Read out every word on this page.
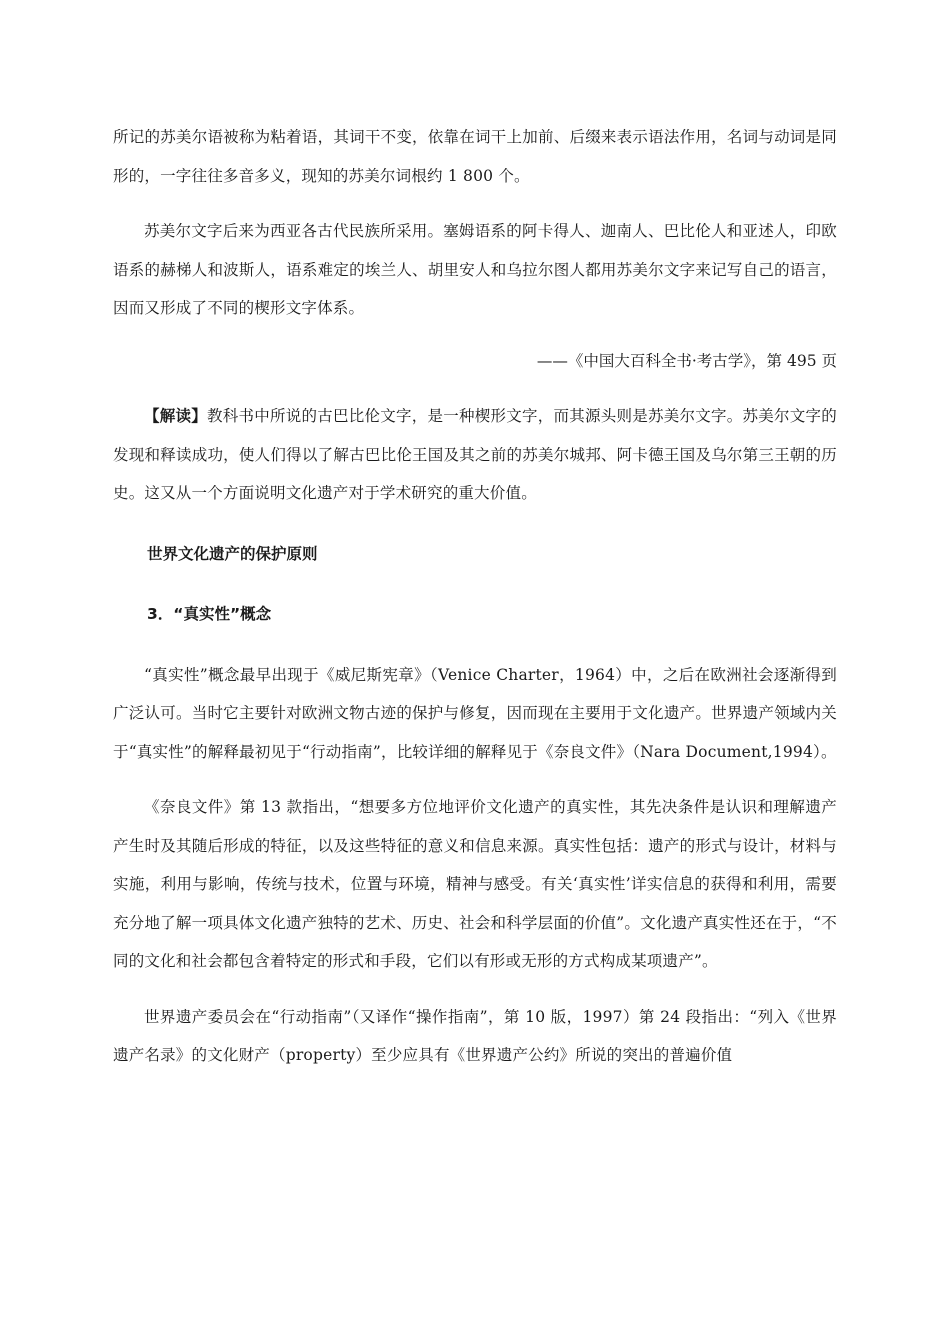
所记的苏美尔语被称为粘着语，其词干不变，依靠在词干上加前、后缀来表示语法作用，名词与动词是同形的，一字往往多音多义，现知的苏美尔词根约 1 800 个。

苏美尔文字后来为西亚各古代民族所采用。塞姆语系的阿卡得人、迦南人、巴比伦人和亚述人，印欧语系的赫梯人和波斯人，语系难定的埃兰人、胡里安人和乌拉尔图人都用苏美尔文字来记写自己的语言，因而又形成了不同的楔形文字体系。

——《中国大百科全书·考古学》，第 495 页

【解读】教科书中所说的古巴比伦文字，是一种楔形文字，而其源头则是苏美尔文字。苏美尔文字的发现和释读成功，使人们得以了解古巴比伦王国及其之前的苏美尔城邦、阿卡德王国及乌尔第三王朝的历史。这又从一个方面说明文化遗产对于学术研究的重大价值。

世界文化遗产的保护原则

3．“真实性”概念

“真实性”概念最早出现于《威尼斯宪章》（Venice Charter，1964）中，之后在欧洲社会逐渐得到广泛认可。当时它主要针对欧洲文物古迹的保护与修复，因而现在主要用于文化遗产。世界遗产领域内关于“真实性”的解释最初见于“行动指南”，比较详细的解释见于《奈良文件》（Nara Document,1994）。

《奈良文件》第 13 款指出，“想要多方位地评价文化遗产的真实性，其先决条件是认识和理解遗产产生时及其随后形成的特征，以及这些特征的意义和信息来源。真实性包括：遗产的形式与设计，材料与实施，利用与影响，传统与技术，位置与环境，精神与感受。有关‘真实性’详实信息的获得和利用，需要充分地了解一项具体文化遗产独特的艺术、历史、社会和科学层面的价值”。文化遗产真实性还在于，“不同的文化和社会都包含着特定的形式和手段，它们以有形或无形的方式构成某项遗产”。

世界遗产委员会在“行动指南”（又译作“操作指南”，第 10 版，1997）第 24 段指出：“列入《世界遗产名录》的文化财产（property）至少应具有《世界遗产公约》所说的突出的普遍价值
